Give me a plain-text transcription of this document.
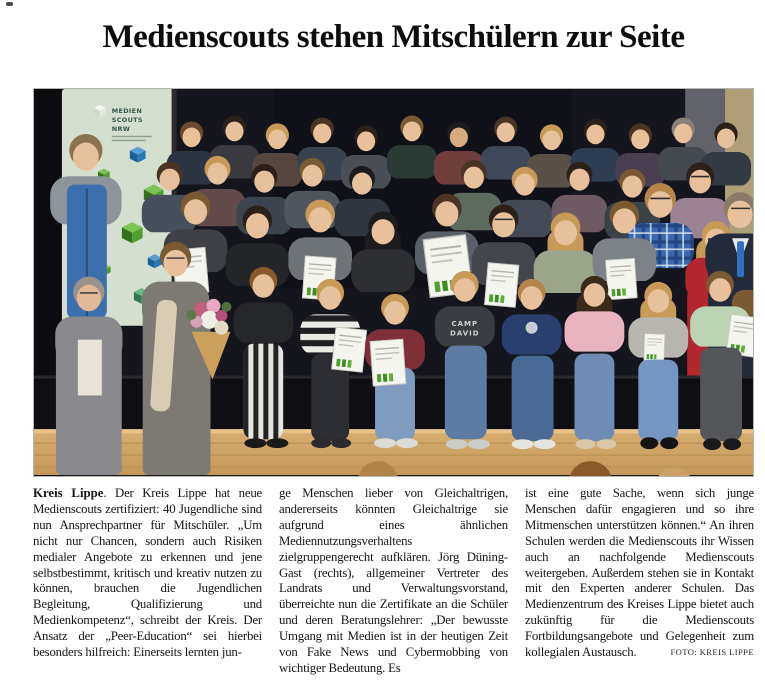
Medienscouts stehen Mitschülern zur Seite
MEDIEN
SCOUTS
NRW
CAMP
DAVID

Kreis Lippe. Der Kreis Lippe hat neue Medienscouts zertifiziert: 40 Jugendliche sind nun Ansprechpartner für Mitschüler. „Um nicht nur Chancen, sondern auch Risiken medialer Angebote zu erkennen und jene selbstbestimmt, kritisch und kreativ nutzen zu können, brauchen die Jugendlichen Begleitung, Qualifizierung und Medienkompetenz“, schreibt der Kreis. Der Ansatz der „Peer-Education“ sei hierbei besonders hilfreich: Einerseits lernten jun-

ge Menschen lieber von Gleichaltrigen, andererseits könnten Gleichaltrige sie aufgrund eines ähnlichen Mediennutzungsverhaltens zielgruppengerecht aufklären. Jörg Düning-Gast (rechts), allgemeiner Vertreter des Landrats und Verwaltungsvorstand, überreichte nun die Zertifikate an die Schüler und deren Beratungslehrer: „Der bewusste Umgang mit Medien ist in der heutigen Zeit von Fake News und Cybermobbing von wichtiger Bedeutung. Es

ist eine gute Sache, wenn sich junge Menschen dafür engagieren und so ihre Mitmenschen unterstützen können.“ An ihren Schulen werden die Medienscouts ihr Wissen auch an nachfolgende Medienscouts weitergeben. Außerdem stehen sie in Kontakt mit den Experten anderer Schulen. Das Medienzentrum des Kreises Lippe bietet auch zukünftig für die Medienscouts Fortbildungsangebote und Gelegenheit zum kollegialen Austausch.	FOTO: KREIS LIPPE
